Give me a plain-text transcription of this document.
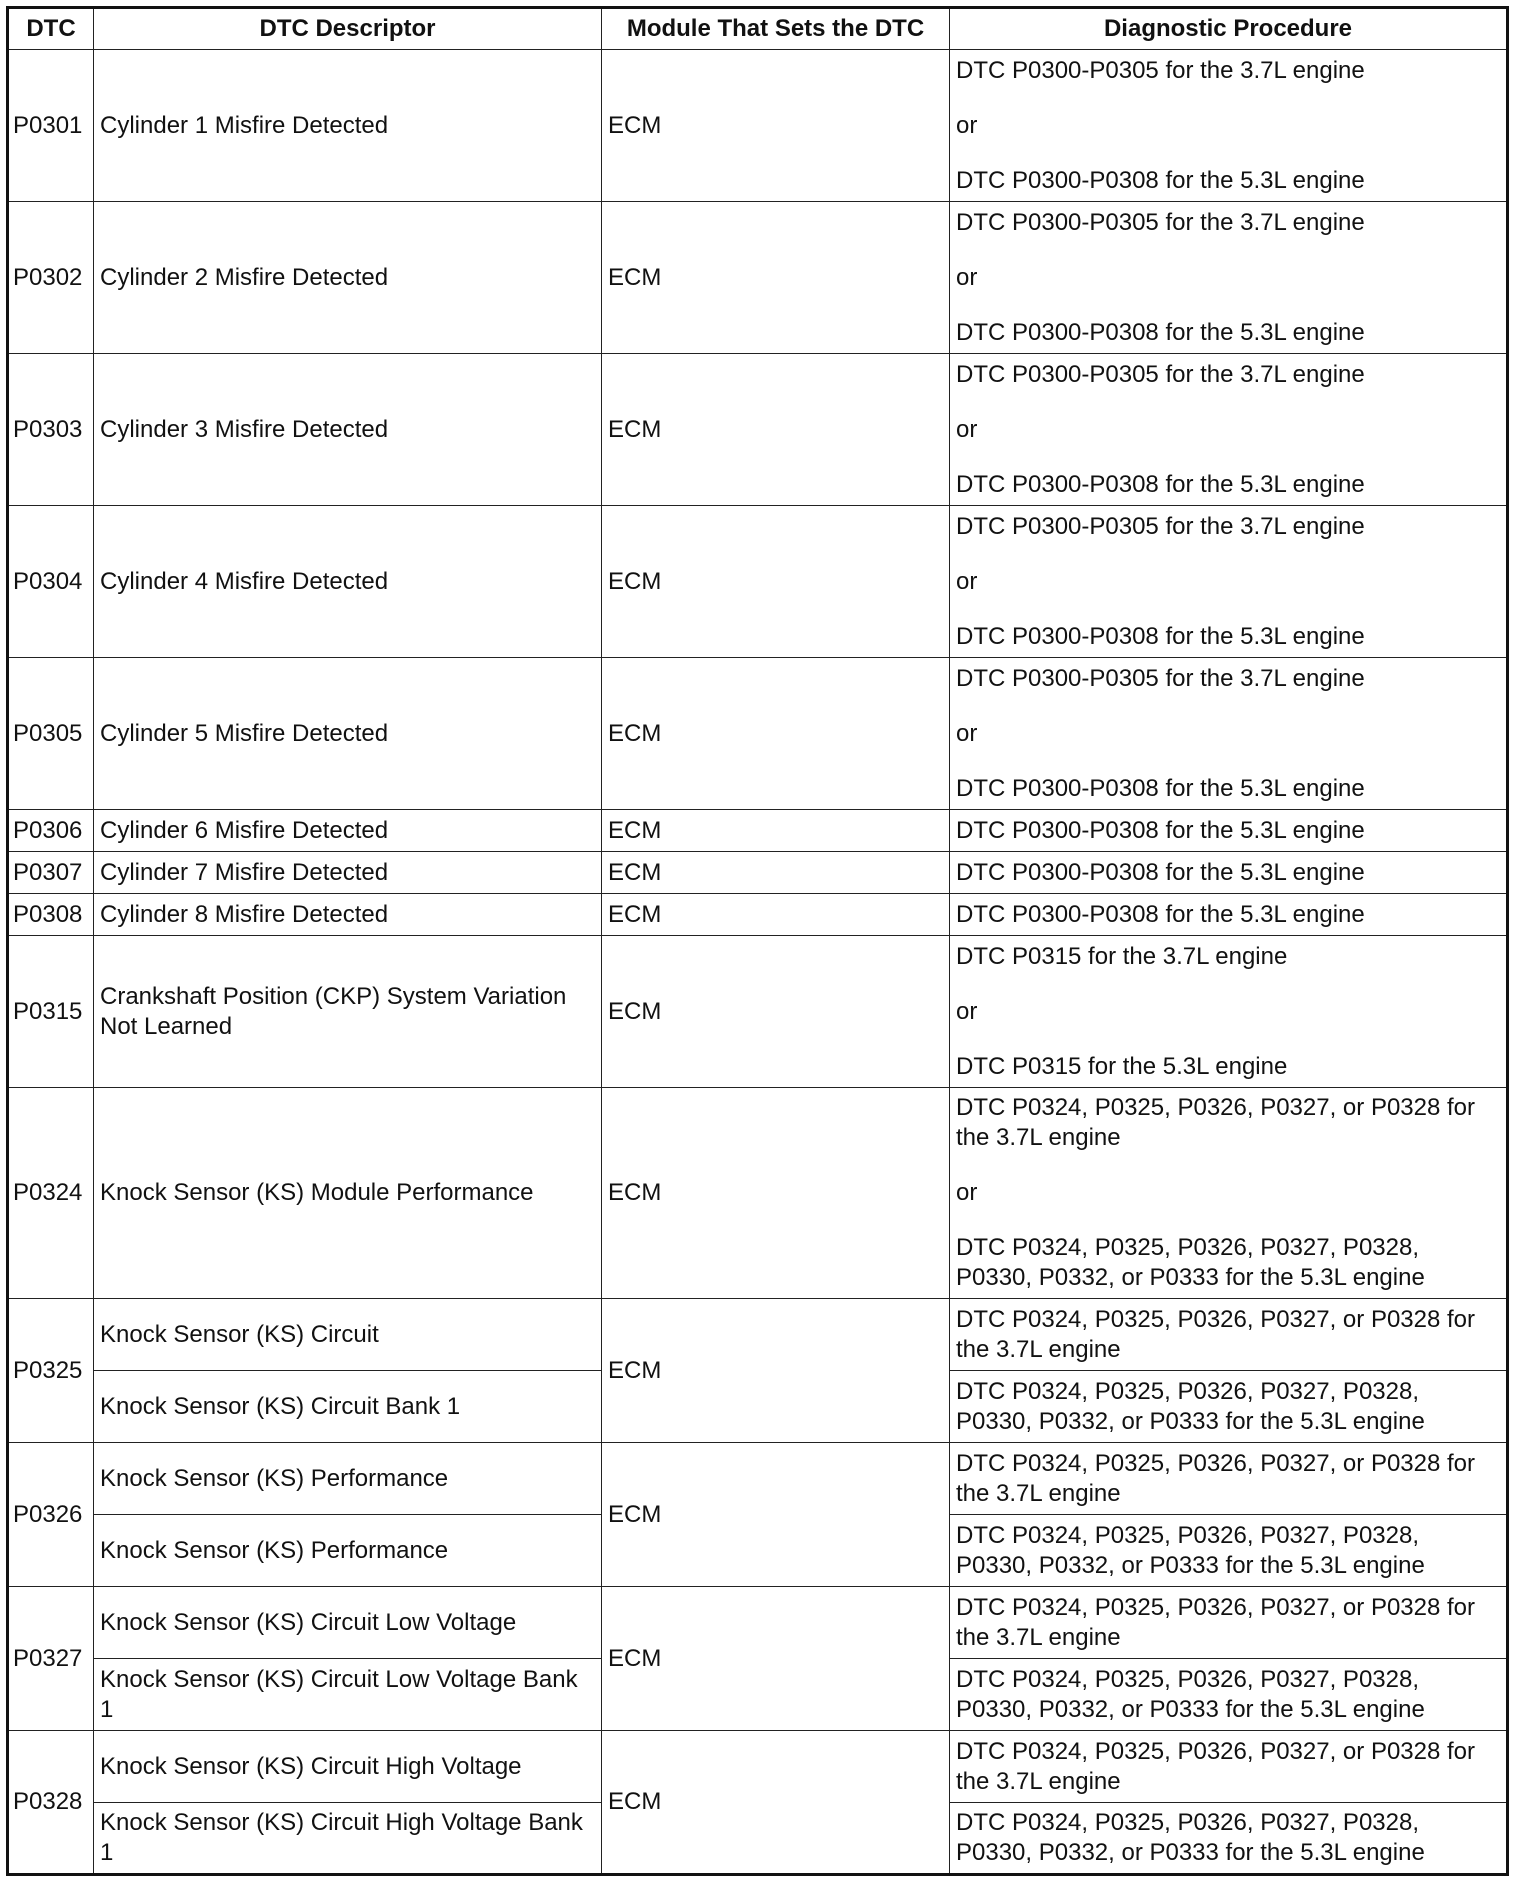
DTC	DTC Descriptor	Module That Sets the DTC	Diagnostic Procedure
P0301	Cylinder 1 Misfire Detected	ECM	DTC P0300-P0305 for the 3.7L engine
or
DTC P0300-P0308 for the 5.3L engine

P0302	Cylinder 2 Misfire Detected	ECM	DTC P0300-P0305 for the 3.7L engine
or
DTC P0300-P0308 for the 5.3L engine

P0303	Cylinder 3 Misfire Detected	ECM	DTC P0300-P0305 for the 3.7L engine
or
DTC P0300-P0308 for the 5.3L engine

P0304	Cylinder 4 Misfire Detected	ECM	DTC P0300-P0305 for the 3.7L engine
or
DTC P0300-P0308 for the 5.3L engine

P0305	Cylinder 5 Misfire Detected	ECM	DTC P0300-P0305 for the 3.7L engine
or
DTC P0300-P0308 for the 5.3L engine

P0306	Cylinder 6 Misfire Detected	ECM	DTC P0300-P0308 for the 5.3L engine

P0307	Cylinder 7 Misfire Detected	ECM	DTC P0300-P0308 for the 5.3L engine

P0308	Cylinder 8 Misfire Detected	ECM	DTC P0300-P0308 for the 5.3L engine

P0315	Crankshaft Position (CKP) System Variation Not Learned	ECM	DTC P0315 for the 3.7L engine
or
DTC P0315 for the 5.3L engine

P0324	Knock Sensor (KS) Module Performance	ECM	DTC P0324, P0325, P0326, P0327, or P0328 for the 3.7L engine
or
DTC P0324, P0325, P0326, P0327, P0328, P0330, P0332, or P0333 for the 5.3L engine

P0325	Knock Sensor (KS) Circuit	ECM	DTC P0324, P0325, P0326, P0327, or P0328 for the 3.7L engine
	Knock Sensor (KS) Circuit Bank 1		DTC P0324, P0325, P0326, P0327, P0328, P0330, P0332, or P0333 for the 5.3L engine
P0326	Knock Sensor (KS) Performance	ECM	DTC P0324, P0325, P0326, P0327, or P0328 for the 3.7L engine
	Knock Sensor (KS) Performance		DTC P0324, P0325, P0326, P0327, P0328, P0330, P0332, or P0333 for the 5.3L engine
P0327	Knock Sensor (KS) Circuit Low Voltage	ECM	DTC P0324, P0325, P0326, P0327, or P0328 for the 3.7L engine
	Knock Sensor (KS) Circuit Low Voltage Bank 1		DTC P0324, P0325, P0326, P0327, P0328, P0330, P0332, or P0333 for the 5.3L engine
P0328	Knock Sensor (KS) Circuit High Voltage	ECM	DTC P0324, P0325, P0326, P0327, or P0328 for the 3.7L engine
	Knock Sensor (KS) Circuit High Voltage Bank 1		DTC P0324, P0325, P0326, P0327, P0328, P0330, P0332, or P0333 for the 5.3L engine
